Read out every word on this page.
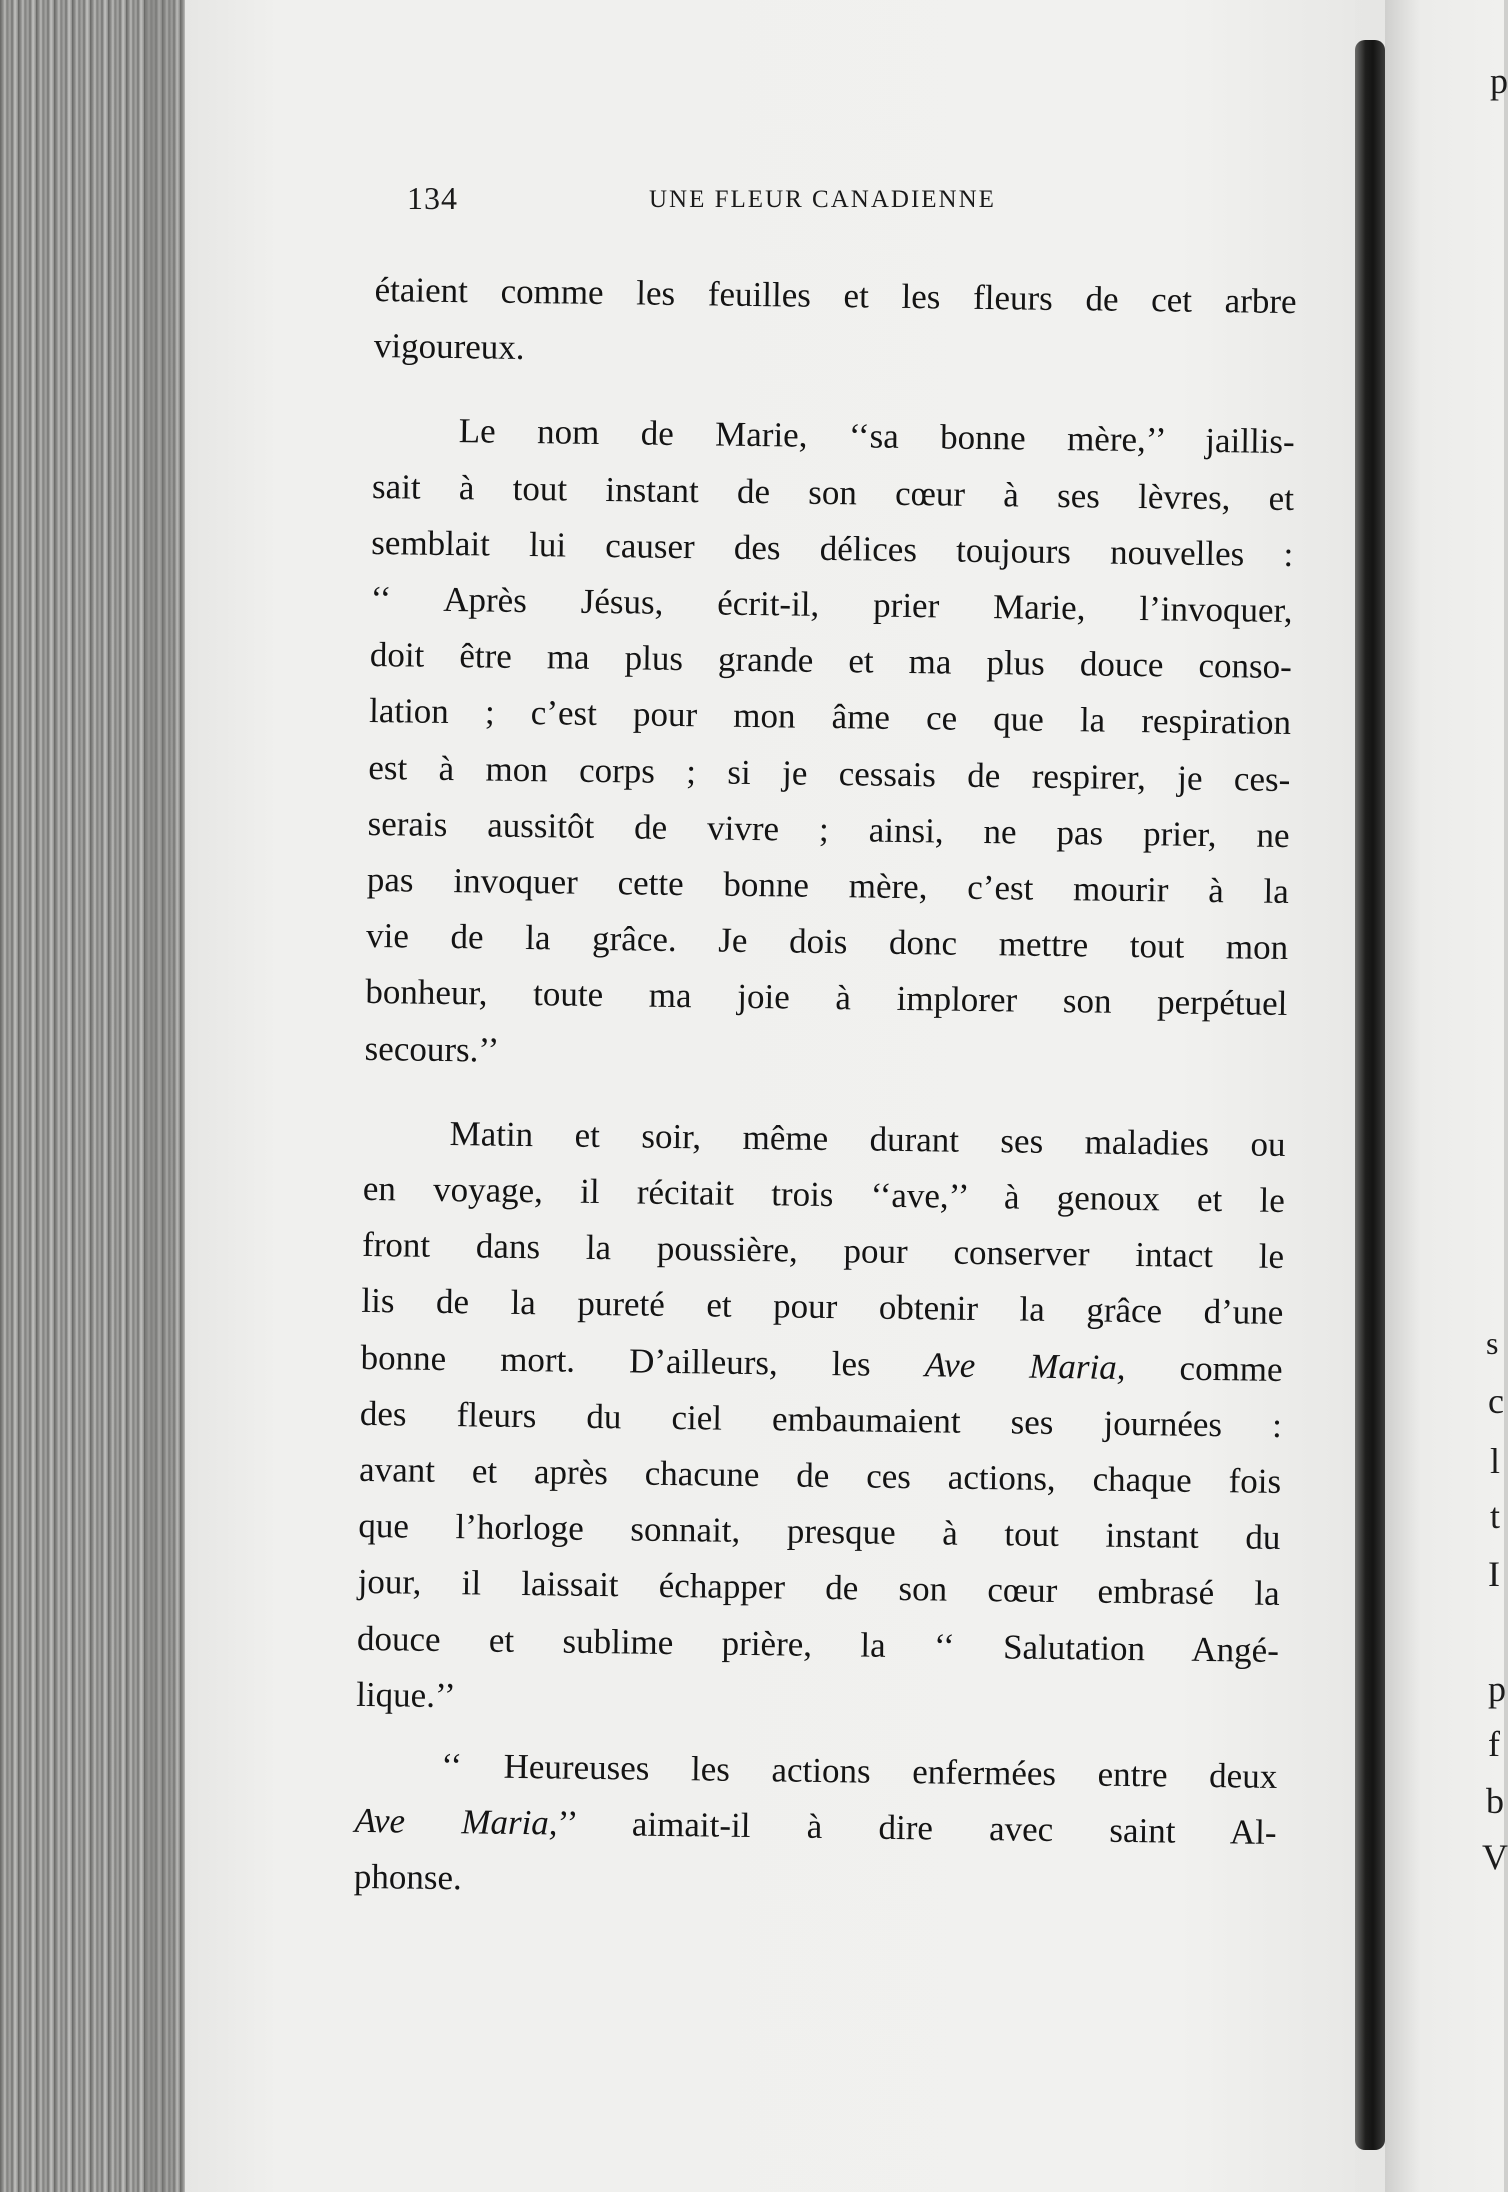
s
c
l
t
I
p
f
b
V
p
134	UNE FLEUR CANADIENNE
étaient comme les feuilles et les fleurs de cet arbre
vigoureux.
Le nom de Marie, ‘‘sa bonne mère,’’ jaillis-
sait à tout instant de son cœur à ses lèvres, et
semblait lui causer des délices toujours nouvelles :
‘‘ Après Jésus, écrit-il, prier Marie, l’invoquer,
doit être ma plus grande et ma plus douce conso-
lation ; c’est pour mon âme ce que la respiration
est à mon corps ; si je cessais de respirer, je ces-
serais aussitôt de vivre ; ainsi, ne pas prier, ne
pas invoquer cette bonne mère, c’est mourir à la
vie de la grâce. Je dois donc mettre tout mon
bonheur, toute ma joie à implorer son perpétuel
secours.’’
Matin et soir, même durant ses maladies ou
en voyage, il récitait trois ‘‘ave,’’ à genoux et le
front dans la poussière, pour conserver intact le
lis de la pureté et pour obtenir la grâce d’une
bonne mort. D’ailleurs, les Ave Maria, comme
des fleurs du ciel embaumaient ses journées :
avant et après chacune de ces actions, chaque fois
que l’horloge sonnait, presque à tout instant du
jour, il laissait échapper de son cœur embrasé la
douce et sublime prière, la ‘‘ Salutation Angé-
lique.’’
‘‘ Heureuses les actions enfermées entre deux
Ave Maria,’’ aimait-il à dire avec saint Al-
phonse.
